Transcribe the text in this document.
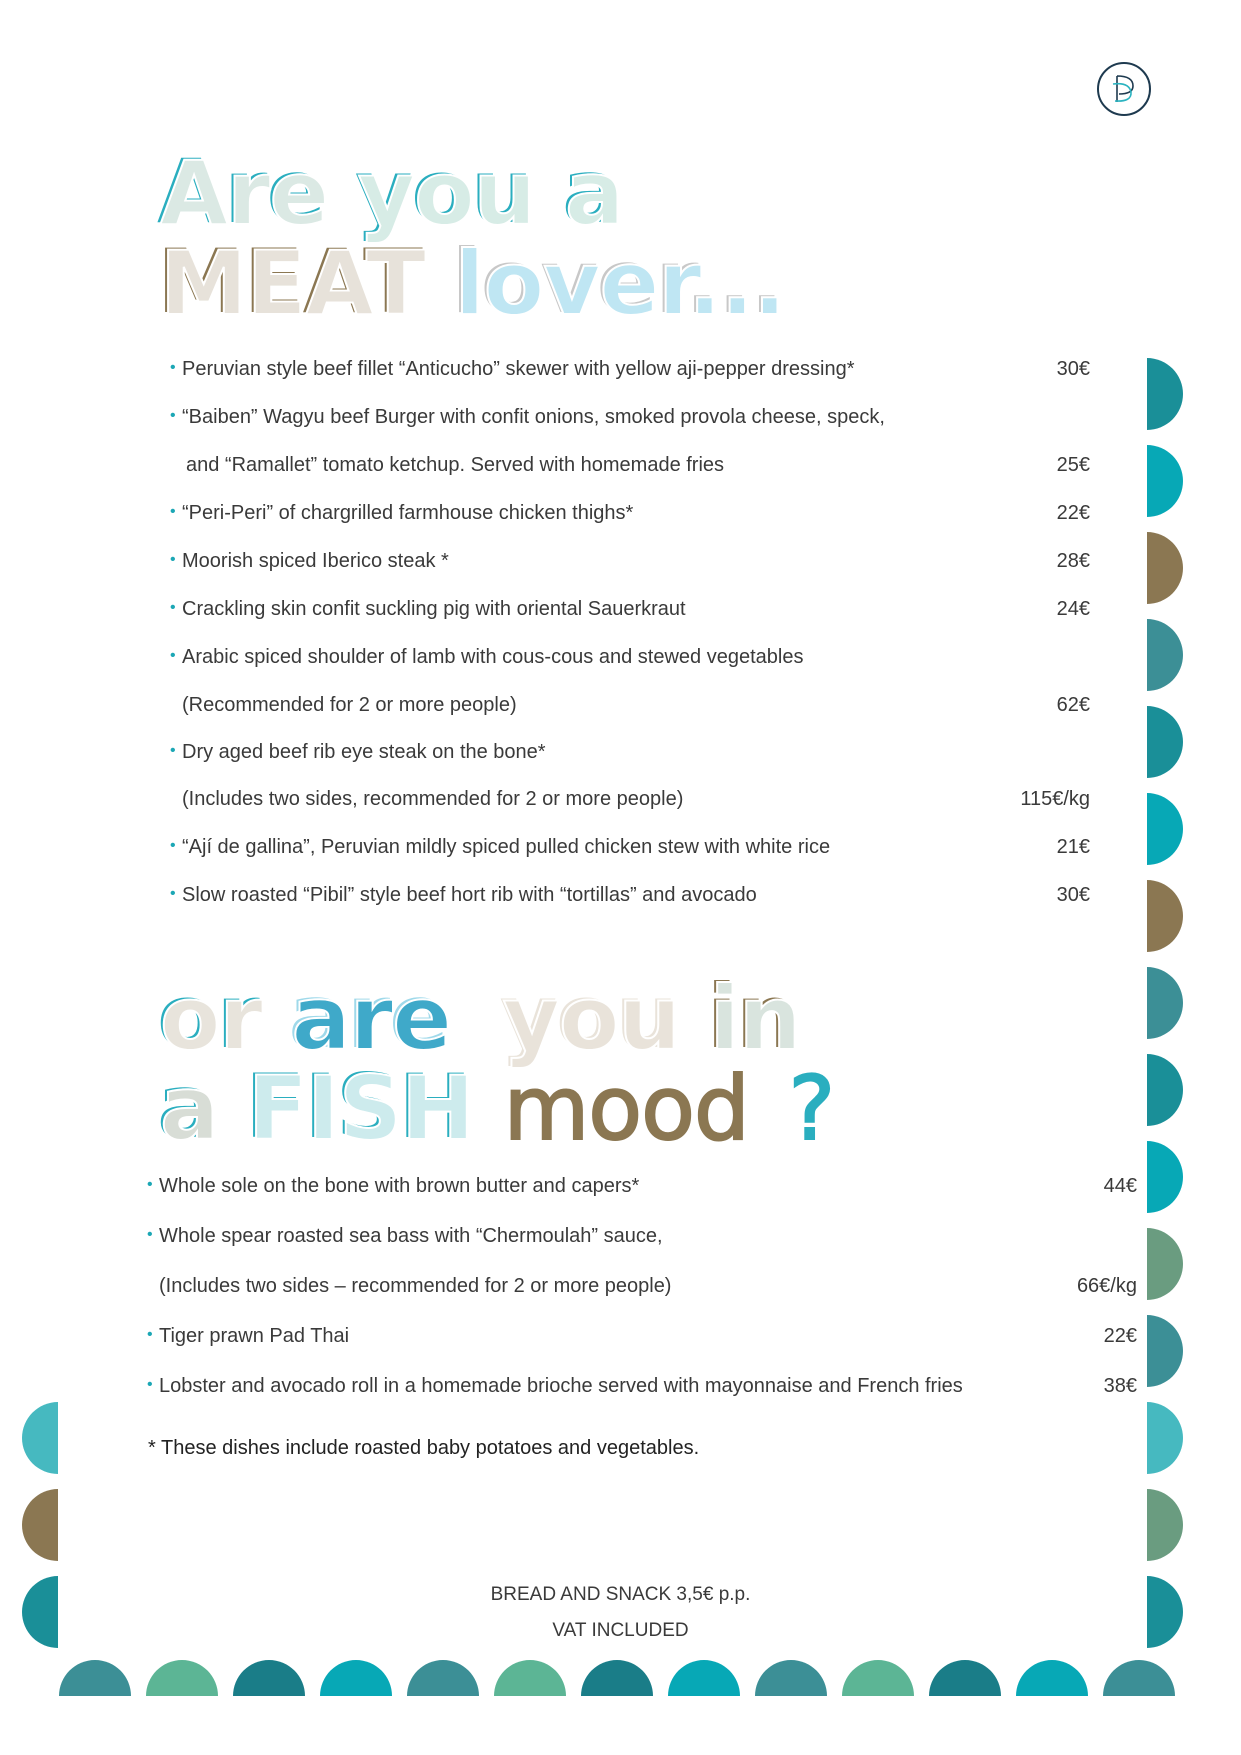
Are you a
MEAT lover...
• Peruvian style beef fillet “Anticucho” skewer with yellow aji-pepper dressing*	30€
• “Baiben” Wagyu beef Burger with confit onions, smoked provola cheese, speck,
and “Ramallet” tomato ketchup. Served with homemade fries	25€
• “Peri-Peri” of chargrilled farmhouse chicken thighs*	22€
• Moorish spiced Iberico steak *	28€
• Crackling skin confit suckling pig with oriental Sauerkraut	24€
• Arabic spiced shoulder of lamb with cous-cous and stewed vegetables
(Recommended for 2 or more people)	62€
• Dry aged beef rib eye steak on the bone*
(Includes two sides, recommended for 2 or more people)	115€/kg
• “Ají de gallina”, Peruvian mildly spiced pulled chicken stew with white rice	21€
• Slow roasted “Pibil” style beef hort rib with “tortillas” and avocado	30€
or are you in
a FISH mood ?
• Whole sole on the bone with brown butter and capers*	44€
• Whole spear roasted sea bass with “Chermoulah” sauce,
(Includes two sides – recommended for 2 or more people)	66€/kg
• Tiger prawn Pad Thai	22€
• Lobster and avocado roll in a homemade brioche served with mayonnaise and French fries	38€
* These dishes include roasted baby potatoes and vegetables.
BREAD AND SNACK 3,5€ p.p.
VAT INCLUDED
